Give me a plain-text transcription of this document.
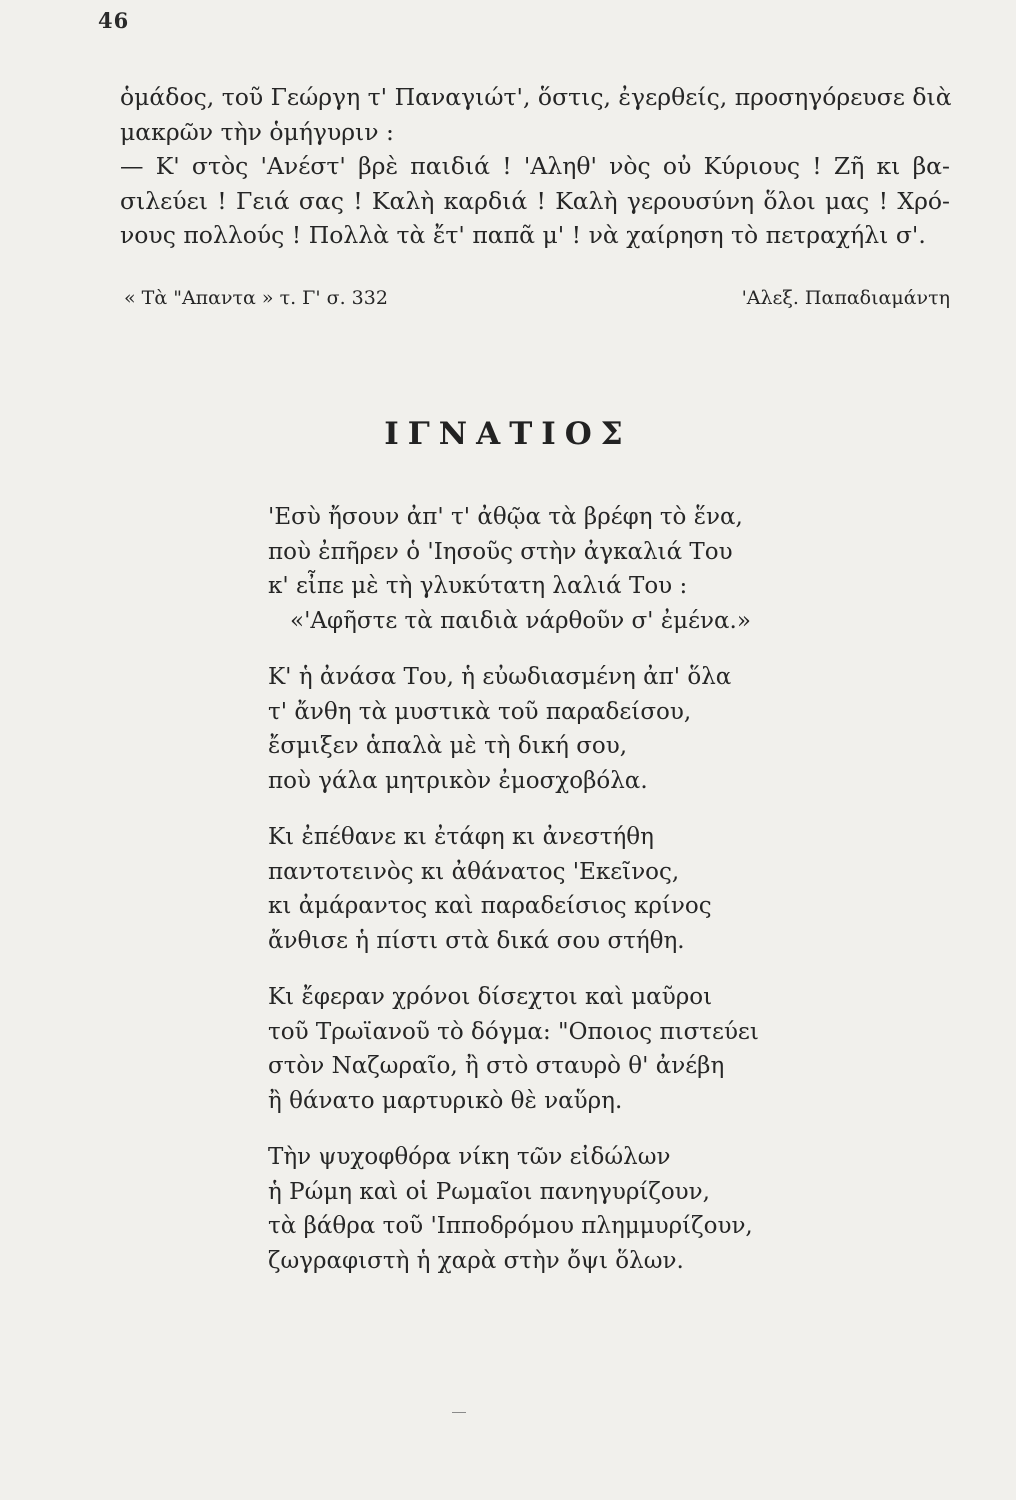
46
ὁμάδος, τοῦ Γεώργη τ' Παναγιώτ', ὅστις, ἐγερθείς, προσηγόρευσε διὰ
μακρῶν τὴν ὁμήγυριν :
— Κ' στὸς 'Ανέστ' βρὲ παιδιά ! 'Αληθ' νὸς οὐ Κύριους ! Ζῆ κι βα-
σιλεύει ! Γειά σας ! Καλὴ καρδιά ! Καλὴ γερουσύνη ὅλοι μας ! Χρό-
νους πολλούς ! Πολλὰ τὰ ἔτ' παπᾶ μ' ! νὰ χαίρηση τὸ πετραχήλι σ'.
« Τὰ "Απαντα » τ. Γ' σ. 332	'Αλεξ. Παπαδιαμάντη
ΙΓΝΑΤΙΟΣ
'Εσὺ ἤσουν ἀπ' τ' ἀθῷα τὰ βρέφη τὸ ἕνα,
ποὺ ἐπῆρεν ὁ 'Ιησοῦς στὴν ἀγκαλιά Του
κ' εἶπε μὲ τὴ γλυκύτατη λαλιά Του :
«'Αφῆστε τὰ παιδιὰ νάρθοῦν σ' ἐμένα.»
Κ' ἡ ἀνάσα Του, ἡ εὐωδιασμένη ἀπ' ὅλα
τ' ἄνθη τὰ μυστικὰ τοῦ παραδείσου,
ἔσμιξεν ἁπαλὰ μὲ τὴ δική σου,
ποὺ γάλα μητρικὸν ἐμοσχοβόλα.
Κι ἐπέθανε κι ἐτάφη κι ἀνεστήθη
παντοτεινὸς κι ἀθάνατος 'Εκεῖνος,
κι ἀμάραντος καὶ παραδείσιος κρίνος
ἄνθισε ἡ πίστι στὰ δικά σου στήθη.
Κι ἔφεραν χρόνοι δίσεχτοι καὶ μαῦροι
τοῦ Τρωϊανοῦ τὸ δόγμα: "Οποιος πιστεύει
στὸν Ναζωραῖο, ἢ στὸ σταυρὸ θ' ἀνέβη
ἢ θάνατο μαρτυρικὸ θὲ ναὕρη.
Τὴν ψυχοφθόρα νίκη τῶν εἰδώλων
ἡ Ρώμη καὶ οἱ Ρωμαῖοι πανηγυρίζουν,
τὰ βάθρα τοῦ 'Ιπποδρόμου πλημμυρίζουν,
ζωγραφιστὴ ἡ χαρὰ στὴν ὄψι ὅλων.
